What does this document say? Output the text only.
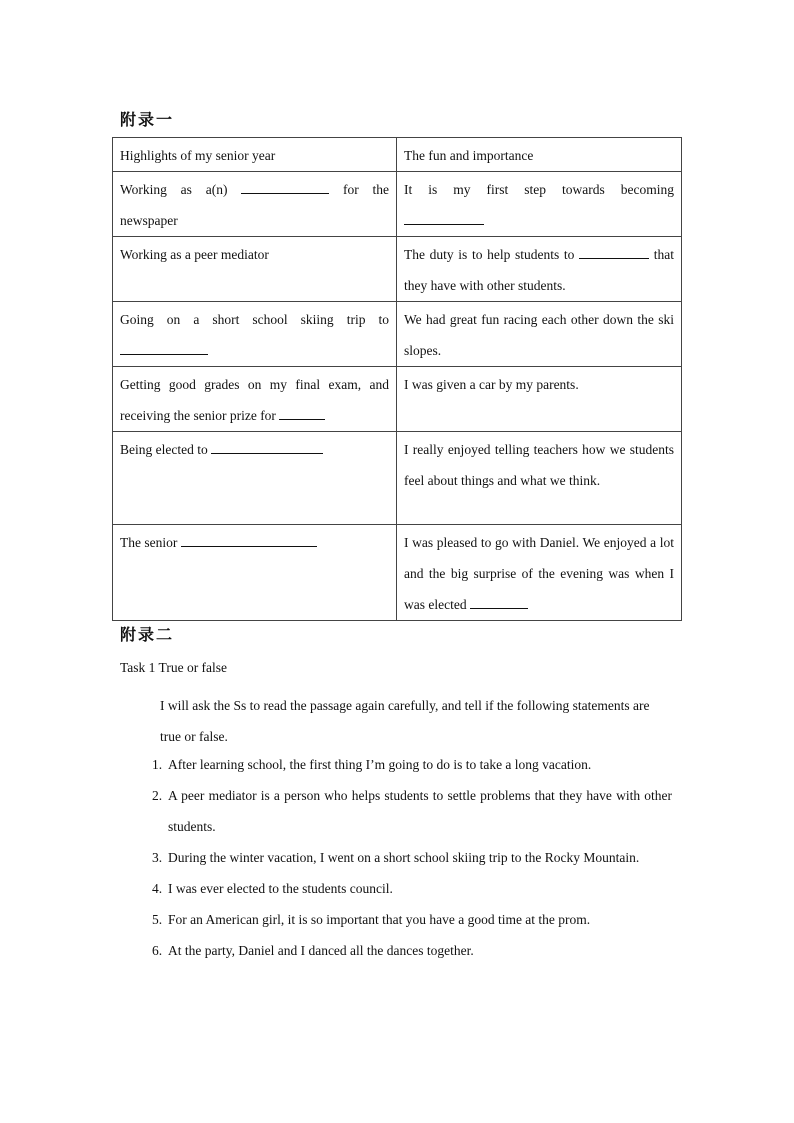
附录一
Highlights of my senior year	The fun and importance
Working as a(n) for the newspaper	It is my first step towards becoming
Working as a peer mediator	The duty is to help students to that they have with other students.
Going on a short school skiing trip to	We had great fun racing each other down the ski slopes.
Getting good grades on my final exam, and receiving the senior prize for	I was given a car by my parents.
Being elected to	I really enjoyed telling teachers how we students feel about things and what we think.
The senior	I was pleased to go with Daniel. We enjoyed a lot and the big surprise of the evening was when I was elected
附录二
Task 1 True or false
I will ask the Ss to read the passage again carefully, and tell if the following statements are true or false.
1. After learning school, the first thing I’m going to do is to take a long vacation.
2. A peer mediator is a person who helps students to settle problems that they have with other students.
3. During the winter vacation, I went on a short school skiing trip to the Rocky Mountain.
4. I was ever elected to the students council.
5. For an American girl, it is so important that you have a good time at the prom.
6. At the party, Daniel and I danced all the dances together.
